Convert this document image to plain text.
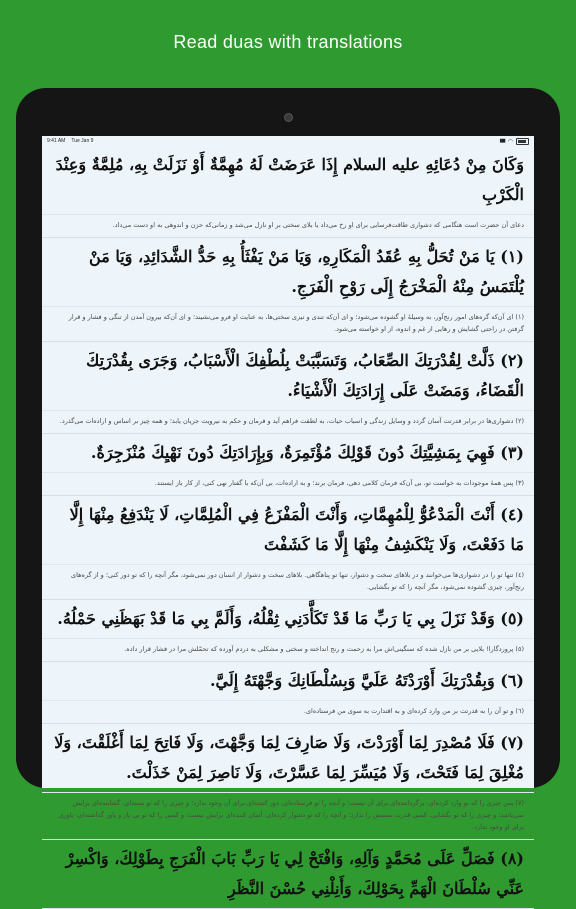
Read duas with translations
9:41 AM Tue Jan 9	▮▮▮ ◠
وَكَانَ مِنْ دُعَائِهِ عليه السلام إِذَا عَرَضَتْ لَهُ مُهِمَّةٌ أَوْ نَزَلَتْ بِهِ، مُلِمَّةٌ وَعِنْدَ الْكَرْبِ
دعای آن حضرت است هنگامی که دشواری طاقت‌فرسایی برای او رخ می‌داد یا بلای سختی بر او نازل می‌شد و زمانی‌که حزن و اندوهی به او دست می‌داد.
(١) يَا مَنْ تُحَلُّ بِهِ عُقَدُ الْمَكَارِهِ، وَيَا مَنْ يَفْثَأُ بِهِ حَدُّ الشَّدَائِدِ، وَيَا مَنْ يُلْتَمَسُ مِنْهُ الْمَخْرَجُ إِلَى رَوْحِ الْفَرَجِ.
(١) ای آن‌که گره‌های امور رنج‌آور، به وسیلهٔ او گشوده می‌شود؛ و ای آن‌که تندی و تیزی سختی‌ها، به عنایت او فرو می‌نشیند؛ و ای آن‌که بیرون آمدن از تنگی و فشار و قرار گرفتن در راحتی گشایش و رهایی از غم و اندوه، از او خواسته می‌شود.
(٢) ذَلَّتْ لِقُدْرَتِكَ الصِّعَابُ، وَتَسَبَّبَتْ بِلُطْفِكَ الْأَسْبَابُ، وَجَرَى بِقُدْرَتِكَ الْقَضَاءُ، وَمَضَتْ عَلَى إِرَادَتِكَ الْأَشْيَاءُ.
(٢) دشواری‌ها در برابر قدرتت آسان گردد و وسایل زندگی و اسباب حیات، به لطفت فراهم آید و فرمان و حکم به نیرویت جریان یابد؛ و همه چیز بر اساس و اراده‌ات می‌گذرد.
(٣) فَهِيَ بِمَشِيَّتِكَ دُونَ قَوْلِكَ مُؤْتَمِرَةٌ، وَبِإِرَادَتِكَ دُونَ نَهْيِكَ مُنْزَجِرَةٌ.
(٣) پس همهٔ موجودات به خواست تو، بی آن‌که فرمان کلامی دهی، فرمان برند؛ و به اراده‌ات، بی آن‌که با گفتار نهی کنی، از کار باز ایستند.
(٤) أَنْتَ الْمَدْعُوُّ لِلْمُهِمَّاتِ، وَأَنْتَ الْمَفْزَعُ فِي الْمُلِمَّاتِ، لَا يَنْدَفِعُ مِنْهَا إِلَّا مَا دَفَعْتَ، وَلَا يَنْكَشِفُ مِنْهَا إِلَّا مَا كَشَفْتَ
(٤) تنها تو را در دشواری‌ها می‌خوانند و در بلاهای سخت و دشوار، تنها تو پناهگاهی. بلاهای سخت و دشوار از انسان دور نمی‌شود، مگر آنچه را که تو دور کنی؛ و از گره‌های رنج‌آور، چیزی گشوده نمی‌شود، مگر آنچه را که تو بگشایی.
(٥) وَقَدْ نَزَلَ بِي يَا رَبِّ مَا قَدْ تَكَأَّدَنِي ثِقْلُهُ، وَأَلَمَّ بِي مَا قَدْ بَهَظَنِي حَمْلُهُ.
(٥) پروردگارا! بلایی بر من نازل شده که سنگینی‌اش مرا به زحمت و رنج انداخته و سختی و مشکلی به دردم آورده که تحمّلش مرا در فشار قرار داده.
(٦) وَبِقُدْرَتِكَ أَوْرَدْتَهُ عَلَيَّ وَبِسُلْطَانِكَ وَجَّهْتَهُ إِلَيَّ.
(٦) و تو آن را به قدرتت بر من وارد کرده‌ای و به اقتدارت به سوی من فرستاده‌ای.
(٧) فَلَا مُصْدِرَ لِمَا أَوْرَدْتَ، وَلَا صَارِفَ لِمَا وَجَّهْتَ، وَلَا فَاتِحَ لِمَا أَغْلَقْتَ، وَلَا مُغْلِقَ لِمَا فَتَحْتَ، وَلَا مُيَسِّرَ لِمَا عَسَّرْتَ، وَلَا نَاصِرَ لِمَنْ خَذَلْتَ.
(٧) پس چیزی را که تو وارد کرده‌ای، برگرداننده‌ای برای آن نیست؛ و آنچه را تو فرستاده‌ای، دور کننده‌ای برای آن وجود ندارد؛ و چیزی را که تو بسته‌ای، گشاینده‌ای برایش نمی‌باشد؛ و چیزی را که تو بگشایی، کسی قدرت بستنش را ندارد؛ و آنچه را که تو دشوار کرده‌ای، آسان کننده‌ای برایش نیست؛ و کسی را که تو بی یار و یاور گذاشته‌ای، یاوری برای او وجود ندارد.
(٨) فَصَلِّ عَلَى مُحَمَّدٍ وَآلِهِ، وَافْتَحْ لِي يَا رَبِّ بَابَ الْفَرَجِ بِطَوْلِكَ، وَاكْسِرْ عَنِّي سُلْطَانَ الْهَمِّ بِحَوْلِكَ، وَأَنِلْنِي حُسْنَ النَّظَرِ
